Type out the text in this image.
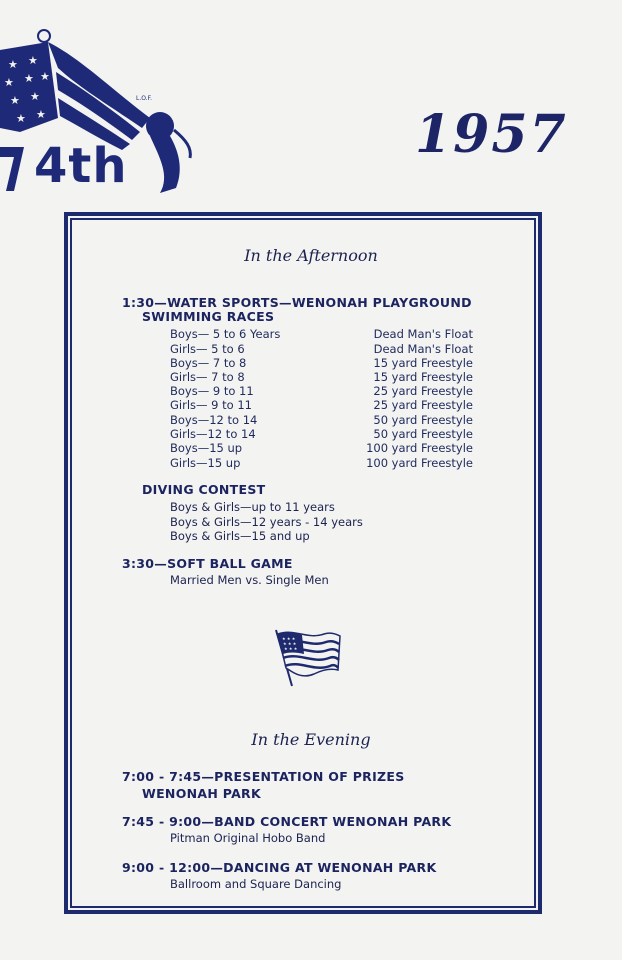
★ ★
★ ★ ★
★ ★
★ ★
L.O.F.
4th
1957
In the Afternoon
1:30—WATER SPORTS—WENONAH PLAYGROUND
SWIMMING RACES
Boys— 5 to 6 Years	Dead Man's Float
Girls— 5 to 6	Dead Man's Float
Boys— 7 to 8	15 yard Freestyle
Girls— 7 to 8	15 yard Freestyle
Boys— 9 to 11	25 yard Freestyle
Girls— 9 to 11	25 yard Freestyle
Boys—12 to 14	50 yard Freestyle
Girls—12 to 14	50 yard Freestyle
Boys—15 up	100 yard Freestyle
Girls—15 up	100 yard Freestyle
DIVING CONTEST
Boys & Girls—up to 11 years
Boys & Girls—12 years - 14 years
Boys & Girls—15 and up
3:30—SOFT BALL GAME
Married Men vs. Single Men
★ ★ ★
★ ★ ★
★ ★ ★
In the Evening
7:00 - 7:45—PRESENTATION OF PRIZES
WENONAH PARK
7:45 - 9:00—BAND CONCERT WENONAH PARK
Pitman Original Hobo Band
9:00 - 12:00—DANCING AT WENONAH PARK
Ballroom and Square Dancing
